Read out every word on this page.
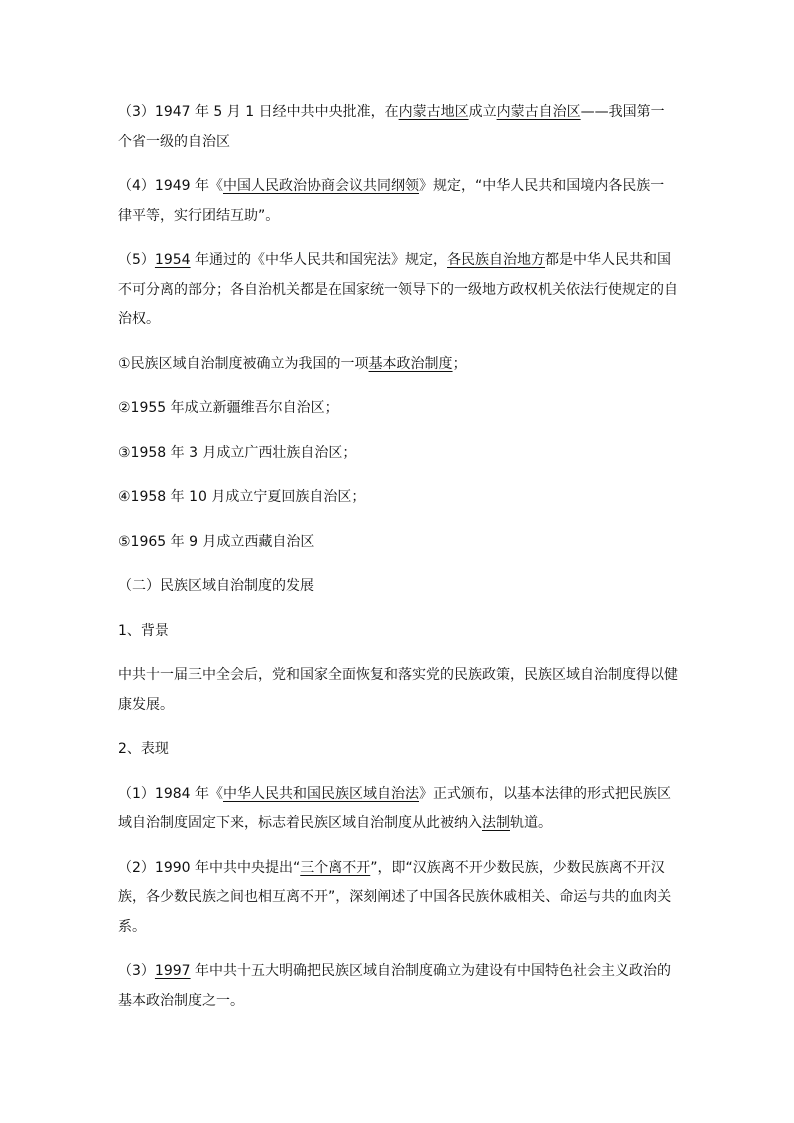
（3）1947 年 5 月 1 日经中共中央批准，在内蒙古地区成立内蒙古自治区——我国第一个省一级的自治区

（4）1949 年《中国人民政治协商会议共同纲领》规定，“中华人民共和国境内各民族一律平等，实行团结互助”。

（5）1954 年通过的《中华人民共和国宪法》规定，各民族自治地方都是中华人民共和国不可分离的部分；各自治机关都是在国家统一领导下的一级地方政权机关依法行使规定的自治权。

①民族区域自治制度被确立为我国的一项基本政治制度；

②1955 年成立新疆维吾尔自治区；

③1958 年 3 月成立广西壮族自治区；

④1958 年 10 月成立宁夏回族自治区；

⑤1965 年 9 月成立西藏自治区

（二）民族区域自治制度的发展

1、背景

中共十一届三中全会后，党和国家全面恢复和落实党的民族政策，民族区域自治制度得以健康发展。

2、表现

（1）1984 年《中华人民共和国民族区域自治法》正式颁布，以基本法律的形式把民族区域自治制度固定下来，标志着民族区域自治制度从此被纳入法制轨道。

（2）1990 年中共中央提出“三个离不开”，即“汉族离不开少数民族，少数民族离不开汉族，各少数民族之间也相互离不开”，深刻阐述了中国各民族休戚相关、命运与共的血肉关系。

（3）1997 年中共十五大明确把民族区域自治制度确立为建设有中国特色社会主义政治的基本政治制度之一。
